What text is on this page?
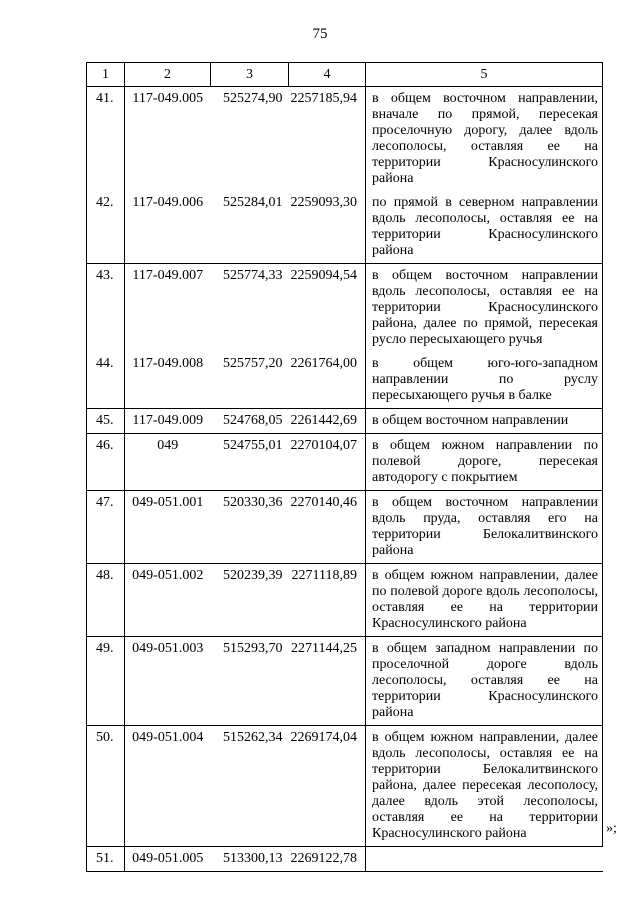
75
1	2	3	4	5
41.	117-049.005	525274,90	2257185,94	в общем восточном направлении, вначале по прямой, пересекая проселочную дорогу, далее вдоль лесополосы, оставляя ее на территории Красносулинского района
42.	117-049.006	525284,01	2259093,30	по прямой в северном направлении вдоль лесополосы, оставляя ее на территории Красносулинского района
43.	117-049.007	525774,33	2259094,54	в общем восточном направлении вдоль лесополосы, оставляя ее на территории Красносулинского района, далее по прямой, пересекая русло пересыхающего ручья
44.	117-049.008	525757,20	2261764,00	в общем юго-юго-западном направлении по руслу пересыхающего ручья в балке
45.	117-049.009	524768,05	2261442,69	в общем восточном направлении
46.	049	524755,01	2270104,07	в общем южном направлении по полевой дороге, пересекая автодорогу с покрытием
47.	049-051.001	520330,36	2270140,46	в общем восточном направлении вдоль пруда, оставляя его на территории Белокалитвинского района
48.	049-051.002	520239,39	2271118,89	в общем южном направлении, далее по полевой дороге вдоль лесополосы, оставляя ее на территории Красносулинского района
49.	049-051.003	515293,70	2271144,25	в общем западном направлении по проселочной дороге вдоль лесополосы, оставляя ее на территории Красносулинского района
50.	049-051.004	515262,34	2269174,04	в общем южном направлении, далее вдоль лесополосы, оставляя ее на территории Белокалитвинского района, далее пересекая лесополосу, далее вдоль этой лесополосы, оставляя ее на территории Красносулинского района
51.	049-051.005	513300,13	2269122,78	
»;
